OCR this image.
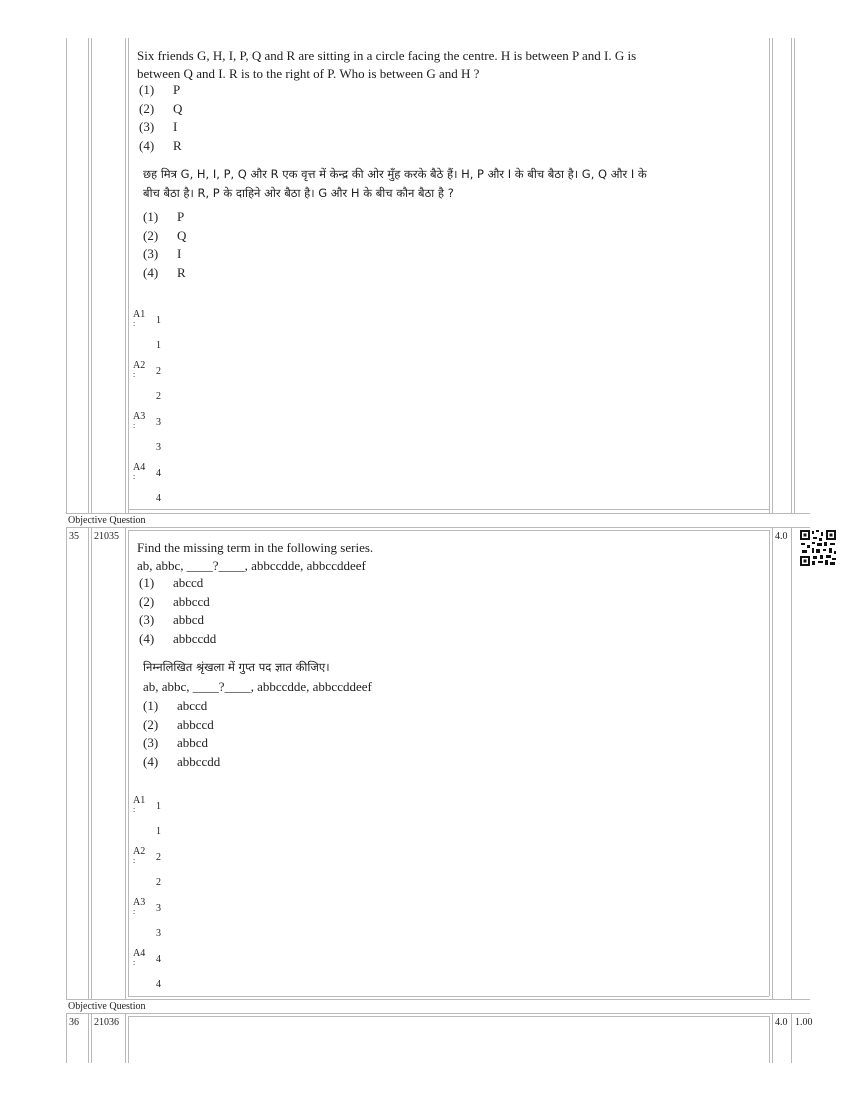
Objective Question
35 21035	4.0
Objective Question
36 21036	4.0 1.00
Six friends G, H, I, P, Q and R are sitting in a circle facing the centre. H is between P and I. G is
between Q and I. R is to the right of P. Who is between G and H ?
(1) P
(2) Q
(3) I
(4) R
छह मित्र G, H, I, P, Q और R एक वृत्त में केन्द्र की ओर मुँह करके बैठे हैं। H, P और I के बीच बैठा है। G, Q और I के
बीच बैठा है। R, P के दाहिने ओर बैठा है। G और H के बीच कौन बैठा है ?
(1) P
(2) Q
(3) I
(4) R
A1
: 1
1
A2
: 2
2
A3
: 3
3
A4
: 4
4
Find the missing term in the following series.
ab, abbc, ____?____, abbccdde, abbccddeef
(1) abccd
(2) abbccd
(3) abbcd
(4) abbccdd
निम्नलिखित श्रृंखला में गुप्त पद ज्ञात कीजिए।
ab, abbc, ____?____, abbccdde, abbccddeef
(1) abccd
(2) abbccd
(3) abbcd
(4) abbccdd
A1
: 1
1
A2
: 2
2
A3
: 3
3
A4
: 4
4
